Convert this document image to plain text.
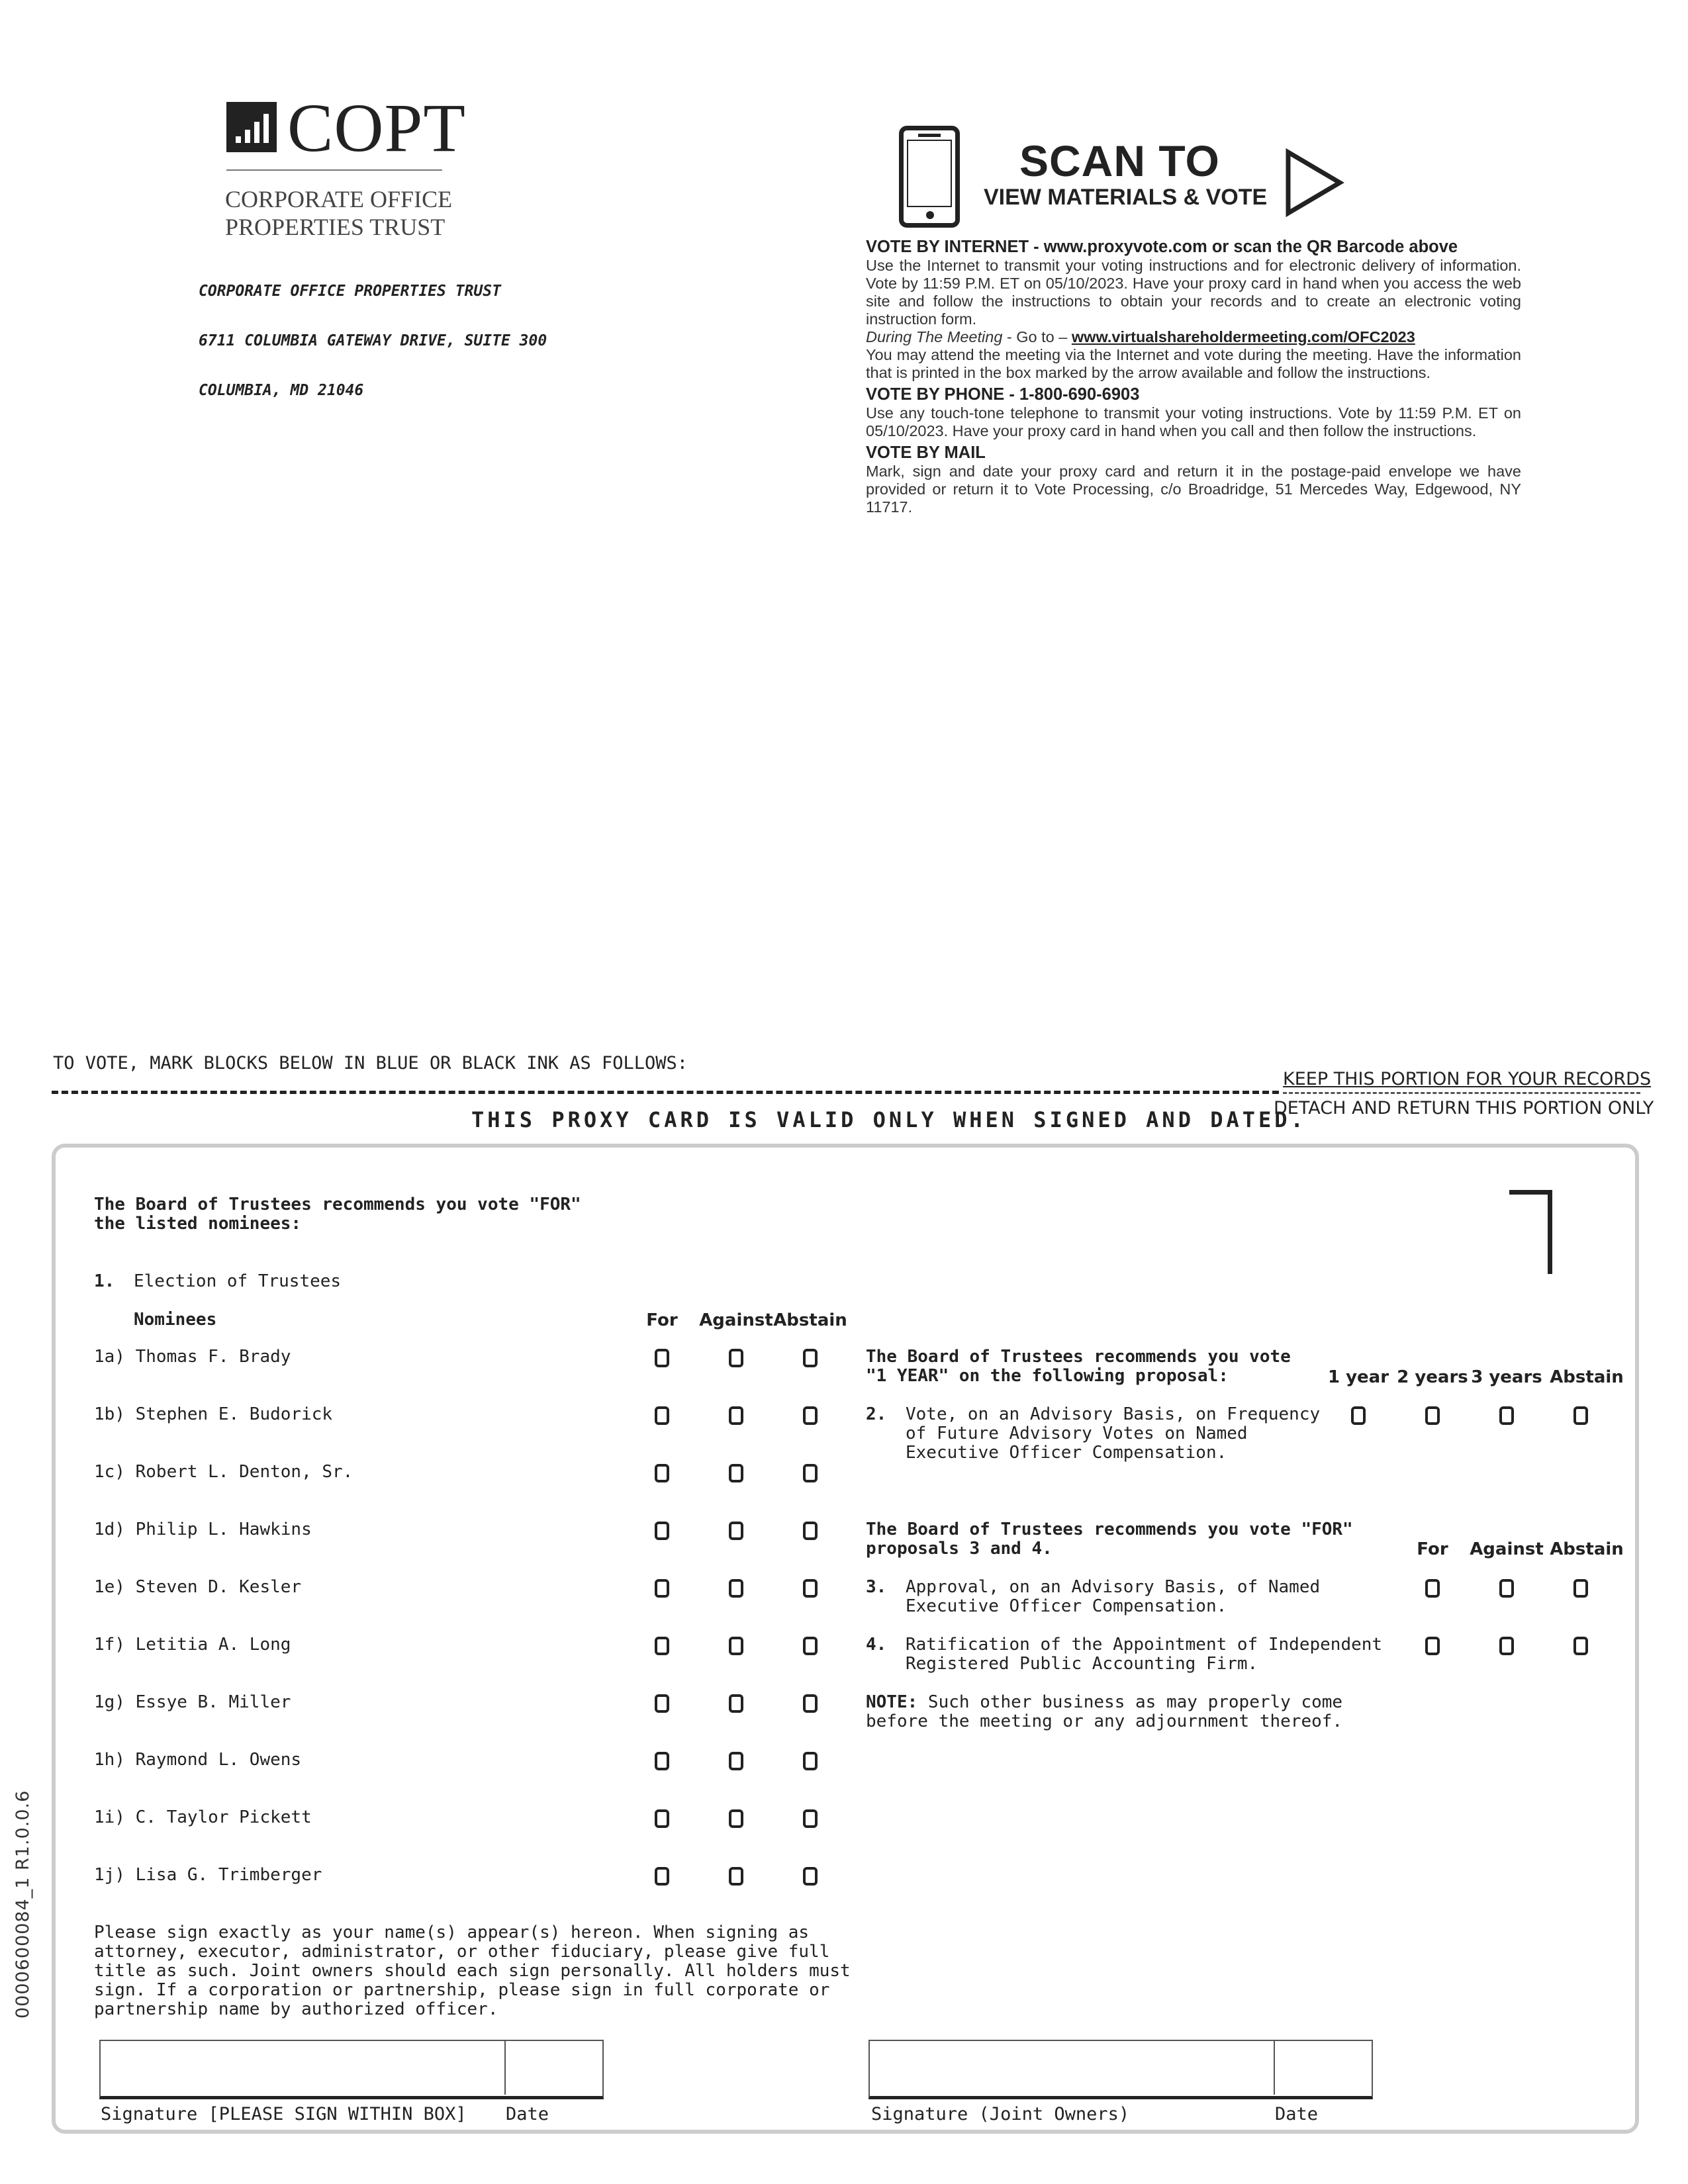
COPT
CORPORATE OFFICE
PROPERTIES TRUST

CORPORATE OFFICE PROPERTIES TRUST

6711 COLUMBIA GATEWAY DRIVE, SUITE 300

COLUMBIA, MD 21046

SCAN TO
VIEW MATERIALS & VOTE
VOTE BY INTERNET - www.proxyvote.com or scan the QR Barcode above

Use the Internet to transmit your voting instructions and for electronic delivery of information. Vote by 11:59 P.M. ET on 05/10/2023. Have your proxy card in hand when you access the web site and follow the instructions to obtain your records and to create an electronic voting instruction form.

During The Meeting - Go to – www.virtualshareholdermeeting.com/OFC2023

You may attend the meeting via the Internet and vote during the meeting. Have the information that is printed in the box marked by the arrow available and follow the instructions.

VOTE BY PHONE - 1-800-690-6903

Use any touch-tone telephone to transmit your voting instructions. Vote by 11:59 P.M. ET on 05/10/2023. Have your proxy card in hand when you call and then follow the instructions.

VOTE BY MAIL

Mark, sign and date your proxy card and return it in the postage-paid envelope we have provided or return it to Vote Processing, c/o Broadridge, 51 Mercedes Way, Edgewood, NY 11717.

TO VOTE, MARK BLOCKS BELOW IN BLUE OR BLACK INK AS FOLLOWS:
KEEP THIS PORTION FOR YOUR RECORDS
DETACH AND RETURN THIS PORTION ONLY
THIS PROXY CARD IS VALID ONLY WHEN SIGNED AND DATED.
The Board of Trustees recommends you vote "FOR"
the listed nominees:
1. Election of Trustees
Nominees	For	Against Abstain
1a) Thomas F. Brady
1b) Stephen E. Budorick
1c) Robert L. Denton, Sr.
1d) Philip L. Hawkins
1e) Steven D. Kesler
1f) Letitia A. Long
1g) Essye B. Miller
1h) Raymond L. Owens
1i) C. Taylor Pickett
1j) Lisa G. Trimberger
The Board of Trustees recommends you vote
"1 YEAR" on the following proposal:	1 year 2 years 3 years Abstain
2. Vote, on an Advisory Basis, on Frequency
of Future Advisory Votes on Named
Executive Officer Compensation.
The Board of Trustees recommends you vote "FOR"
proposals 3 and 4.	For	Against Abstain
3. Approval, on an Advisory Basis, of Named
Executive Officer Compensation.
4. Ratification of the Appointment of Independent
Registered Public Accounting Firm.
NOTE: Such other business as may properly come
before the meeting or any adjournment thereof.
Please sign exactly as your name(s) appear(s) hereon. When signing as
attorney, executor, administrator, or other fiduciary, please give full
title as such. Joint owners should each sign personally. All holders must
sign. If a corporation or partnership, please sign in full corporate or
partnership name by authorized officer.
Signature [PLEASE SIGN WITHIN BOX] Date	Signature (Joint Owners)	Date
0000600084_1 R1.0.0.6
